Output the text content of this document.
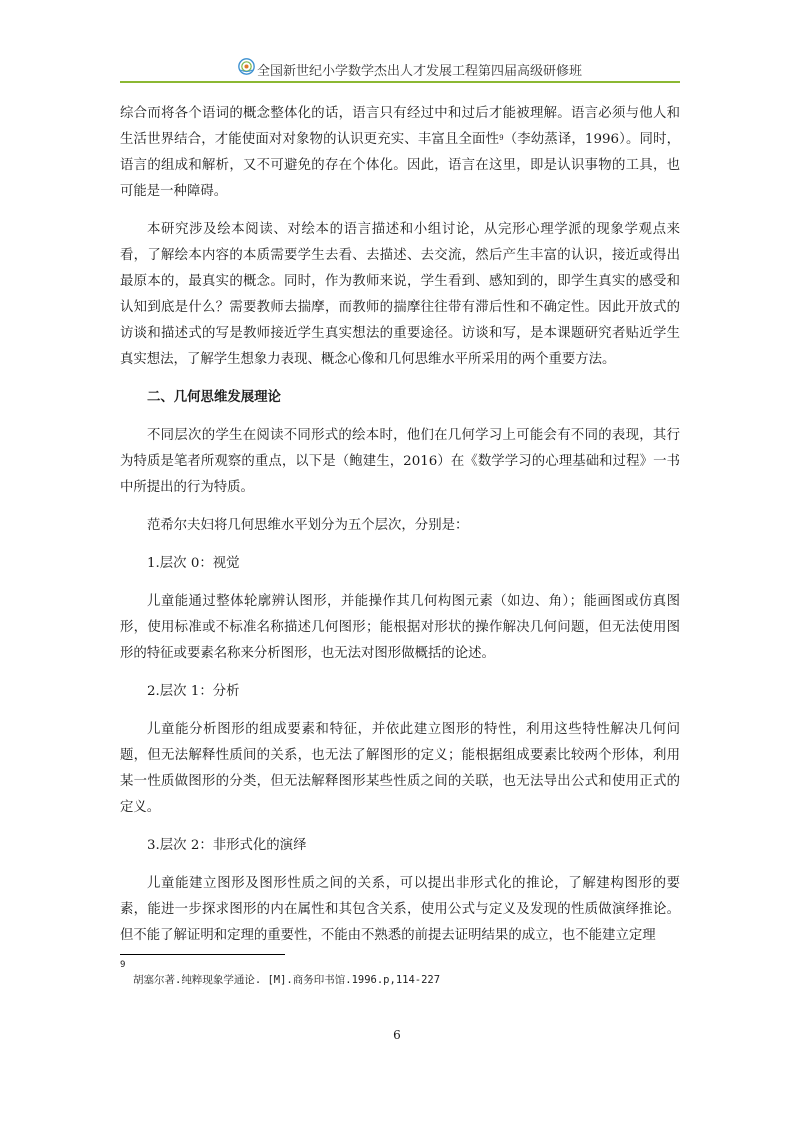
全国新世纪小学数学杰出人才发展工程第四届高级研修班

综合而将各个语词的概念整体化的话，语言只有经过中和过后才能被理解。语言必须与他人和生活世界结合，才能使面对对象物的认识更充实、丰富且全面性$^9$（李幼蒸译，1996）。同时，语言的组成和解析，又不可避免的存在个体化。因此，语言在这里，即是认识事物的工具，也可能是一种障碍。

本研究涉及绘本阅读、对绘本的语言描述和小组讨论，从完形心理学派的现象学观点来看，了解绘本内容的本质需要学生去看、去描述、去交流，然后产生丰富的认识，接近或得出最原本的，最真实的概念。同时，作为教师来说，学生看到、感知到的，即学生真实的感受和认知到底是什么？需要教师去揣摩，而教师的揣摩往往带有滞后性和不确定性。因此开放式的访谈和描述式的写是教师接近学生真实想法的重要途径。访谈和写，是本课题研究者贴近学生真实想法，了解学生想象力表现、概念心像和几何思维水平所采用的两个重要方法。

二、几何思维发展理论

不同层次的学生在阅读不同形式的绘本时，他们在几何学习上可能会有不同的表现，其行为特质是笔者所观察的重点，以下是（鲍建生，2016）在《数学学习的心理基础和过程》一书中所提出的行为特质。

范希尔夫妇将几何思维水平划分为五个层次，分别是：

1.层次 0：视觉

儿童能通过整体轮廓辨认图形，并能操作其几何构图元素（如边、角）；能画图或仿真图形，使用标准或不标准名称描述几何图形；能根据对形状的操作解决几何问题，但无法使用图形的特征或要素名称来分析图形，也无法对图形做概括的论述。

2.层次 1：分析

儿童能分析图形的组成要素和特征，并依此建立图形的特性，利用这些特性解决几何问题，但无法解释性质间的关系，也无法了解图形的定义；能根据组成要素比较两个形体，利用某一性质做图形的分类，但无法解释图形某些性质之间的关联，也无法导出公式和使用正式的定义。

3.层次 2：非形式化的演绎

儿童能建立图形及图形性质之间的关系，可以提出非形式化的推论，了解建构图形的要素，能进一步探求图形的内在属性和其包含关系，使用公式与定义及发现的性质做演绎推论。但不能了解证明和定理的重要性，不能由不熟悉的前提去证明结果的成立，也不能建立定理

9
胡塞尔著.纯粹现象学通论. [M].商务印书馆.1996.p,114-227
6
